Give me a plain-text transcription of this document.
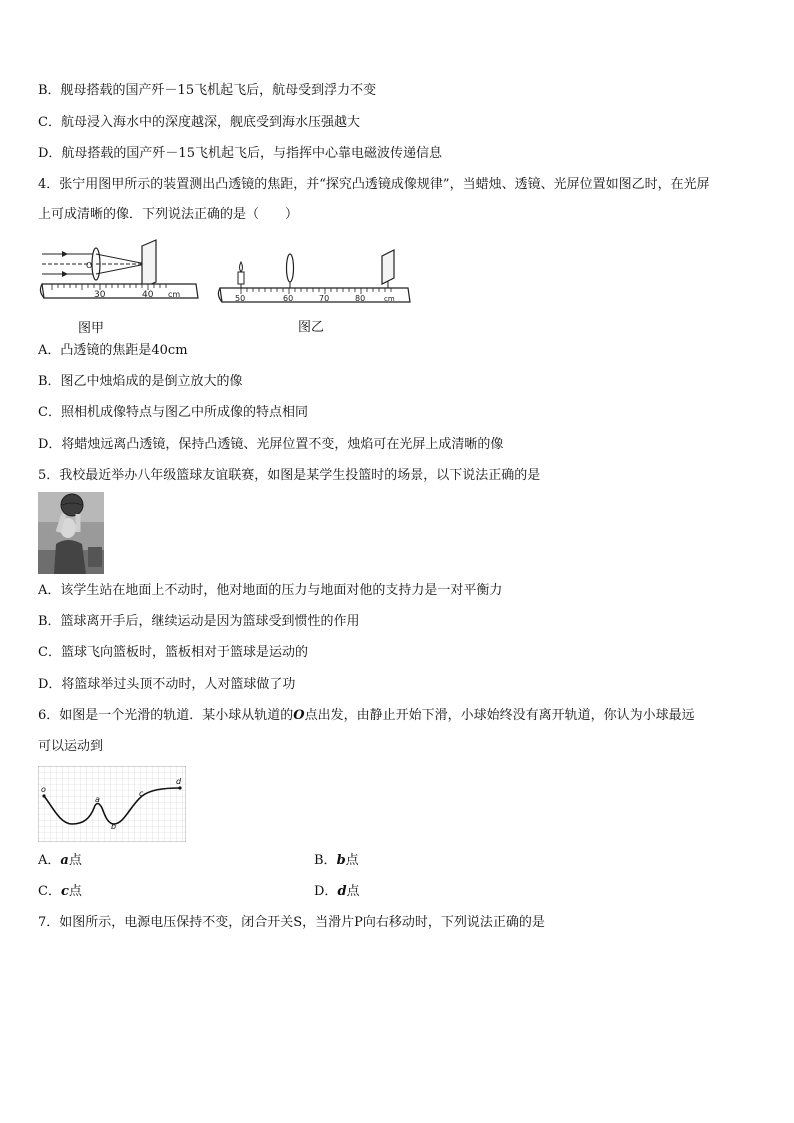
B．舰母搭载的国产歼－15飞机起飞后，航母受到浮力不变
C．航母浸入海水中的深度越深，舰底受到海水压强越大
D．航母搭载的国产歼－15飞机起飞后，与指挥中心靠电磁波传递信息
4．张宁用图甲所示的装置测出凸透镜的焦距，并“探究凸透镜成像规律”，当蜡烛、透镜、光屏位置如图乙时，在光屏
上可成清晰的像．下列说法正确的是（　　）
O
30	40 cm	50	60	70	80	cm
图甲	图乙
A．凸透镜的焦距是40cm
B．图乙中烛焰成的是倒立放大的像
C．照相机成像特点与图乙中所成像的特点相同
D．将蜡烛远离凸透镜，保持凸透镜、光屏位置不变，烛焰可在光屏上成清晰的像
5．我校最近举办八年级篮球友谊联赛，如图是某学生投篮时的场景，以下说法正确的是
A．该学生站在地面上不动时，他对地面的压力与地面对他的支持力是一对平衡力
B．篮球离开手后，继续运动是因为篮球受到惯性的作用
C．篮球飞向篮板时，篮板相对于篮球是运动的
D．将篮球举过头顶不动时，人对篮球做了功
6．如图是一个光滑的轨道．某小球从轨道的O点出发，由静止开始下滑，小球始终没有离开轨道，你认为小球最远
可以运动到
o
a
b
c
d
A．a点	B．b点
C．c点	D．d点
7．如图所示，电源电压保持不变，闭合开关S，当滑片P向右移动时，下列说法正确的是
